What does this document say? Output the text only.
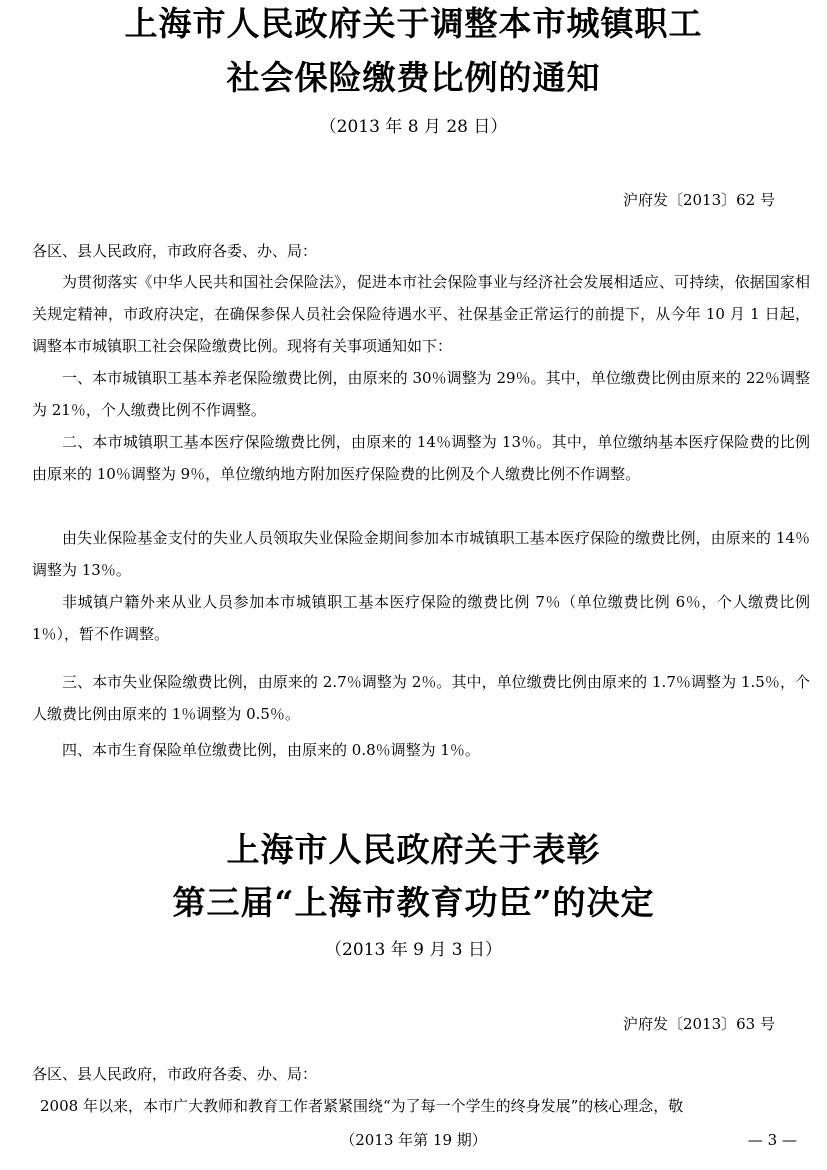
上海市人民政府关于调整本市城镇职工
社会保险缴费比例的通知
（2013 年 8 月 28 日）
沪府发〔2013〕62 号
各区、县人民政府，市政府各委、办、局：

为贯彻落实《中华人民共和国社会保险法》，促进本市社会保险事业与经济社会发展相适应、可持续，依据国家相关规定精神，市政府决定，在确保参保人员社会保险待遇水平、社保基金正常运行的前提下，从今年 10 月 1 日起，调整本市城镇职工社会保险缴费比例。现将有关事项通知如下：

一、本市城镇职工基本养老保险缴费比例，由原来的 30％调整为 29％。其中，单位缴费比例由原来的 22％调整为 21％，个人缴费比例不作调整。

二、本市城镇职工基本医疗保险缴费比例，由原来的 14％调整为 13％。其中，单位缴纳基本医疗保险费的比例由原来的 10％调整为 9％，单位缴纳地方附加医疗保险费的比例及个人缴费比例不作调整。

由失业保险基金支付的失业人员领取失业保险金期间参加本市城镇职工基本医疗保险的缴费比例，由原来的 14％调整为 13％。

非城镇户籍外来从业人员参加本市城镇职工基本医疗保险的缴费比例 7％（单位缴费比例 6％，个人缴费比例 1％），暂不作调整。

三、本市失业保险缴费比例，由原来的 2.7％调整为 2％。其中，单位缴费比例由原来的 1.7％调整为 1.5％，个人缴费比例由原来的 1％调整为 0.5％。

四、本市生育保险单位缴费比例，由原来的 0.8％调整为 1％。

上海市人民政府关于表彰
第三届“上海市教育功臣”的决定
（2013 年 9 月 3 日）
沪府发〔2013〕63 号
各区、县人民政府，市政府各委、办、局：

2008 年以来，本市广大教师和教育工作者紧紧围绕“为了每一个学生的终身发展”的核心理念，敬

（2013 年第 19 期）	— 3 —
